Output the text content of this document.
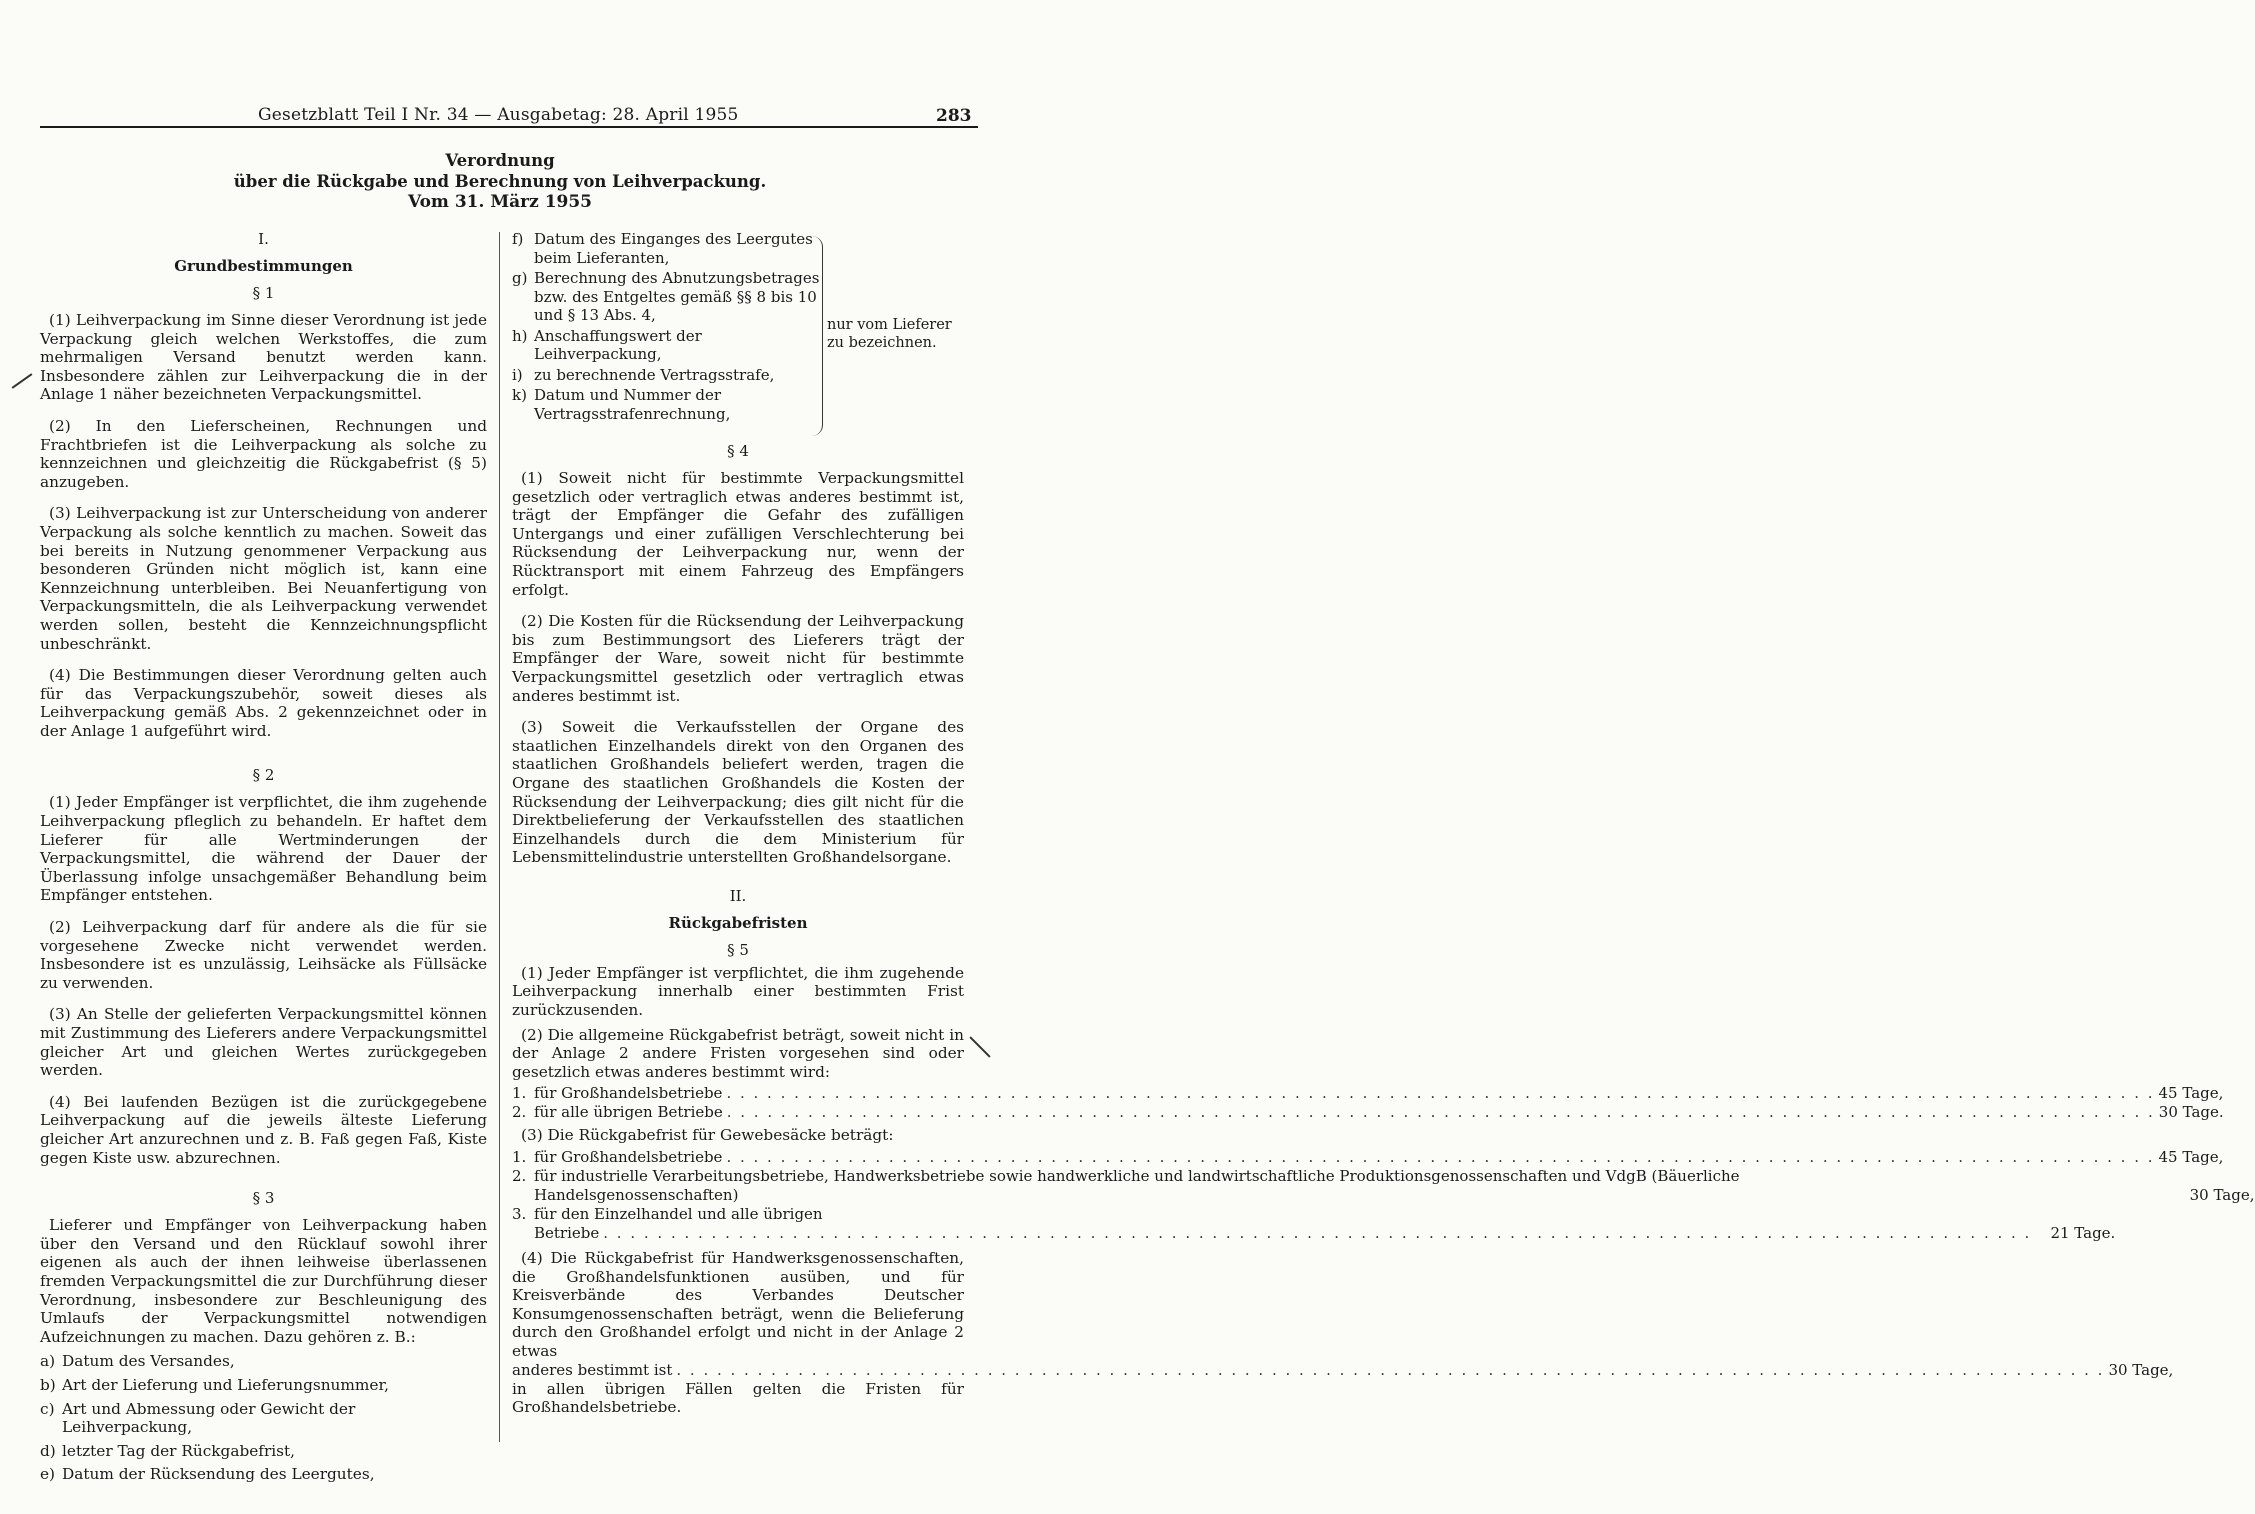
Gesetzblatt Teil I Nr. 34 — Ausgabetag: 28. April 1955	283
Verordnung
über die Rückgabe und Berechnung von Leihverpackung.
Vom 31. März 1955
I.
Grundbestimmungen
§ 1

(1) Leihverpackung im Sinne dieser Verordnung ist jede Verpackung gleich welchen Werkstoffes, die zum mehrmaligen Versand benutzt werden kann. Insbesondere zählen zur Leihverpackung die in der Anlage 1 näher bezeichneten Verpackungsmittel.

(2) In den Lieferscheinen, Rechnungen und Frachtbriefen ist die Leihverpackung als solche zu kennzeichnen und gleichzeitig die Rückgabefrist (§ 5) anzugeben.

(3) Leihverpackung ist zur Unterscheidung von anderer Verpackung als solche kenntlich zu machen. Soweit das bei bereits in Nutzung genommener Verpackung aus besonderen Gründen nicht möglich ist, kann eine Kennzeichnung unterbleiben. Bei Neuanfertigung von Verpackungsmitteln, die als Leihverpackung verwendet werden sollen, besteht die Kennzeichnungspflicht unbeschränkt.

(4) Die Bestimmungen dieser Verordnung gelten auch für das Verpackungszubehör, soweit dieses als Leihverpackung gemäß Abs. 2 gekennzeichnet oder in der Anlage 1 aufgeführt wird.

§ 2

(1) Jeder Empfänger ist verpflichtet, die ihm zugehende Leihverpackung pfleglich zu behandeln. Er haftet dem Lieferer für alle Wertminderungen der Verpackungsmittel, die während der Dauer der Überlassung infolge unsachgemäßer Behandlung beim Empfänger entstehen.

(2) Leihverpackung darf für andere als die für sie vorgesehene Zwecke nicht verwendet werden. Insbesondere ist es unzulässig, Leihsäcke als Füllsäcke zu verwenden.

(3) An Stelle der gelieferten Verpackungsmittel können mit Zustimmung des Lieferers andere Verpackungsmittel gleicher Art und gleichen Wertes zurückgegeben werden.

(4) Bei laufenden Bezügen ist die zurückgegebene Leihverpackung auf die jeweils älteste Lieferung gleicher Art anzurechnen und z. B. Faß gegen Faß, Kiste gegen Kiste usw. abzurechnen.

§ 3

Lieferer und Empfänger von Leihverpackung haben über den Versand und den Rücklauf sowohl ihrer eigenen als auch der ihnen leihweise überlassenen fremden Verpackungsmittel die zur Durchführung dieser Verordnung, insbesondere zur Beschleunigung des Umlaufs der Verpackungsmittel notwendigen Aufzeichnungen zu machen. Dazu gehören z. B.:

a) Datum des Versandes,
b) Art der Lieferung und Lieferungsnummer,
c) Art und Abmessung oder Gewicht der Leihverpackung,
d) letzter Tag der Rückgabefrist,
e) Datum der Rücksendung des Leergutes,
f) Datum des Einganges des Leergutes beim Lieferanten,
g) Berechnung des Abnutzungsbetrages bzw. des Entgeltes gemäß §§ 8 bis 10 und § 13 Abs. 4,
h) Anschaffungswert der Leihverpackung,
i) zu berechnende Vertragsstrafe,
k) Datum und Nummer der Vertragsstrafenrechnung,
nur vom Lieferer zu bezeichnen.
§ 4

(1) Soweit nicht für bestimmte Verpackungsmittel gesetzlich oder vertraglich etwas anderes bestimmt ist, trägt der Empfänger die Gefahr des zufälligen Untergangs und einer zufälligen Verschlechterung bei Rücksendung der Leihverpackung nur, wenn der Rücktransport mit einem Fahrzeug des Empfängers erfolgt.

(2) Die Kosten für die Rücksendung der Leihverpackung bis zum Bestimmungsort des Lieferers trägt der Empfänger der Ware, soweit nicht für bestimmte Verpackungsmittel gesetzlich oder vertraglich etwas anderes bestimmt ist.

(3) Soweit die Verkaufsstellen der Organe des staatlichen Einzelhandels direkt von den Organen des staatlichen Großhandels beliefert werden, tragen die Organe des staatlichen Großhandels die Kosten der Rücksendung der Leihverpackung; dies gilt nicht für die Direktbelieferung der Verkaufsstellen des staatlichen Einzelhandels durch die dem Ministerium für Lebensmittelindustrie unterstellten Großhandelsorgane.

II.
Rückgabefristen
§ 5

(1) Jeder Empfänger ist verpflichtet, die ihm zugehende Leihverpackung innerhalb einer bestimmten Frist zurückzusenden.

(2) Die allgemeine Rückgabefrist beträgt, soweit nicht in der Anlage 2 andere Fristen vorgesehen sind oder gesetzlich etwas anderes bestimmt wird:

1. für Großhandelsbetriebe . . .	45 Tage,
2. für alle übrigen Betriebe . . .	30 Tage.

(3) Die Rückgabefrist für Gewebesäcke beträgt:

1. für Großhandelsbetriebe . . .	45 Tage,
2. für industrielle Verarbeitungsbetriebe, Handwerksbetriebe sowie handwerkliche und landwirtschaftliche Produktionsgenossenschaften und VdgB (Bäuerliche
Handelsgenossenschaften)	30 Tage,
3. für den Einzelhandel und alle übrigen
Betriebe . . .	21 Tage.

(4) Die Rückgabefrist für Handwerksgenossenschaften, die Großhandelsfunktionen ausüben, und für Kreisverbände des Verbandes Deutscher Konsumgenossenschaften beträgt, wenn die Belieferung durch den Großhandel erfolgt und nicht in der Anlage 2 etwas

anderes bestimmt ist . . .	30 Tage,

in allen übrigen Fällen gelten die Fristen für Großhandelsbetriebe.
